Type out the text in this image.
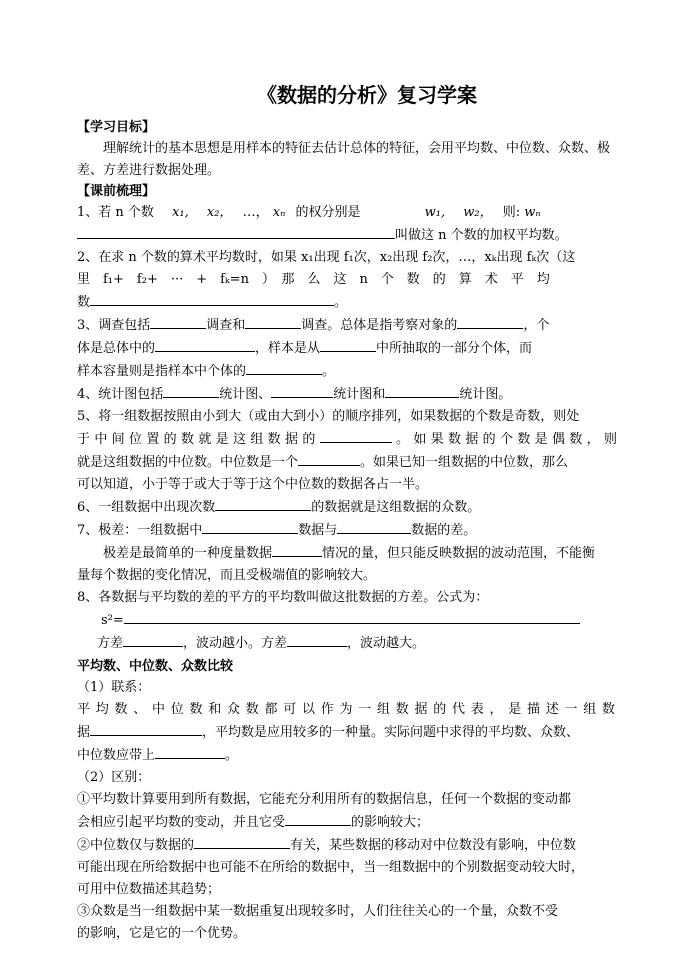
《数据的分析》复习学案
【学习目标】

理解统计的基本思想是用样本的特征去估计总体的特征，会用平均数、中位数、众数、极差、方差进行数据处理。

【课前梳理】

1、若 n 个数 x₁, x₂， …， xₙ 的权分别是	w₁, w₂， 则: wₙ

叫做这 n 个数的加权平均数。

2、在求 n 个数的算术平均数时，如果 x₁出现 f₁次，x₂出现 f₂次，…，xₖ出现 fₖ次（这

里　f₁+　f₂+　···　+　fₖ=n　）　那　么　这　n　个　数　的　算　术　平　均

数	。

3、调查包括	调查和	调查。总体是指考察对象的	，个

体是总体中的	，样本是从	中所抽取的一部分个体，而

样本容量则是指样本中个体的	。

4、统计图包括	统计图、	统计图和	统计图。

5、将一组数据按照由小到大（或由大到小）的顺序排列，如果数据的个数是奇数，则处

于中间位置的数就是这组数据的	。如果数据的个数是偶数，则

就是这组数据的中位数。中位数是一个	。如果已知一组数据的中位数，那么

可以知道，小于等于或大于等于这个中位数的数据各占一半。

6、一组数据中出现次数	的数据就是这组数据的众数。

7、极差：一组数据中	数据与	数据的差。

极差是最简单的一种度量数据	情况的量，但只能反映数据的波动范围，不能衡

量每个数据的变化情况，而且受极端值的影响较大。

8、各数据与平均数的差的平方的平均数叫做这批数据的方差。公式为：

s²=

方差	，波动越小。方差	，波动越大。

平均数、中位数、众数比较

（1）联系：

平均数、中位数和众数都可以作为一组数据的代表，是描述一组数

据	，平均数是应用较多的一种量。实际问题中求得的平均数、众数、

中位数应带上	。

（2）区别：

①平均数计算要用到所有数据，它能充分利用所有的数据信息，任何一个数据的变动都

会相应引起平均数的变动，并且它受	的影响较大；

②中位数仅与数据的	有关，某些数据的移动对中位数没有影响，中位数

可能出现在所给数据中也可能不在所给的数据中，当一组数据中的个别数据变动较大时，

可用中位数描述其趋势；

③众数是当一组数据中某一数据重复出现较多时，人们往往关心的一个量，众数不受

的影响，它是它的一个优势。
